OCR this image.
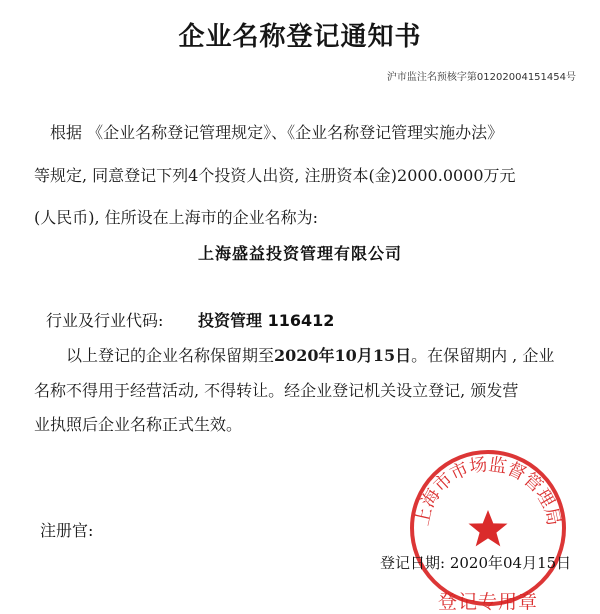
企业名称登记通知书
沪市监注名预核字第01202004151454号
根据 《企业名称登记管理规定》、《企业名称登记管理实施办法》
等规定, 同意登记下列4个投资人出资, 注册资本(金)2000.0000万元
(人民币), 住所设在上海市的企业名称为:
上海盛益投资管理有限公司
行业及行业代码: 投资管理 116412
以上登记的企业名称保留期至2020年10月15日。在保留期内 , 企业
名称不得用于经营活动, 不得转让。经企业登记机关设立登记, 颁发营
业执照后企业名称正式生效。
注册官:
上海市市场监督管理局
登记日期: 2020年04月15日
登记专用章
